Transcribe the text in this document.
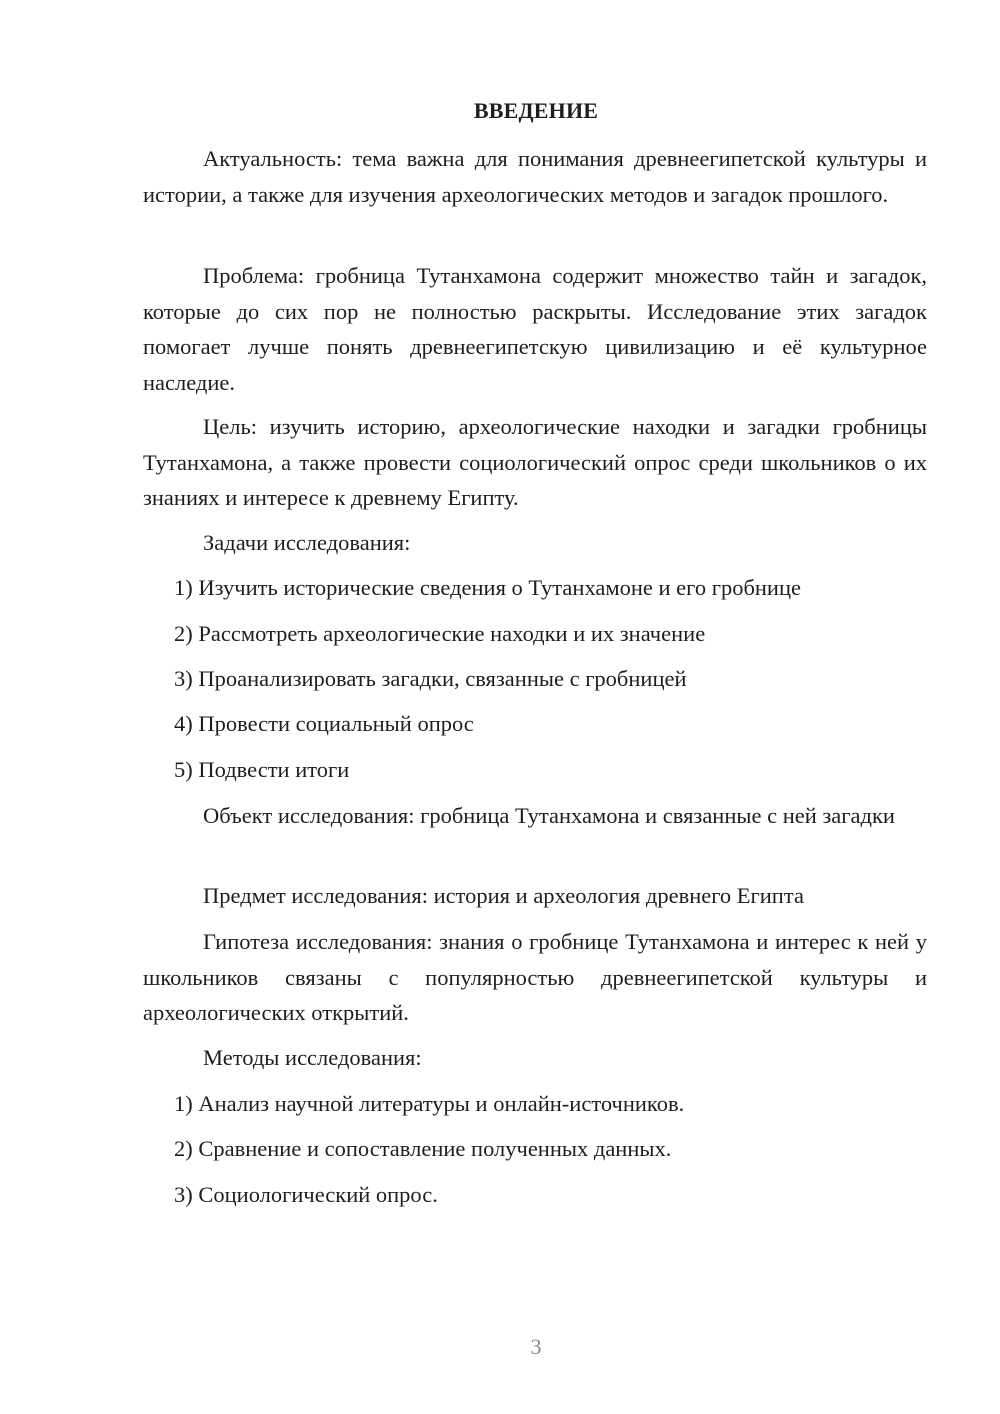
ВВЕДЕНИЕ

Актуальность: тема важна для понимания древнеегипетской культуры и истории, а также для изучения археологических методов и загадок прошлого.

Проблема: гробница Тутанхамона содержит множество тайн и загадок, которые до сих пор не полностью раскрыты. Исследование этих загадок помогает лучше понять древнеегипетскую цивилизацию и её культурное наследие.

Цель: изучить историю, археологические находки и загадки гробницы Тутанхамона, а также провести социологический опрос среди школьников о их знаниях и интересе к древнему Египту.

Задачи исследования:

1) Изучить исторические сведения о Тутанхамоне и его гробнице

2) Рассмотреть археологические находки и их значение

3) Проанализировать загадки, связанные с гробницей

4) Провести социальный опрос

5) Подвести итоги

Объект исследования: гробница Тутанхамона и связанные с ней загадки

Предмет исследования: история и археология древнего Египта

Гипотеза исследования: знания о гробнице Тутанхамона и интерес к ней у школьников связаны с популярностью древнеегипетской культуры и археологических открытий.

Методы исследования:

1) Анализ научной литературы и онлайн-источников.

2) Сравнение и сопоставление полученных данных.

3) Социологический опрос.

3
